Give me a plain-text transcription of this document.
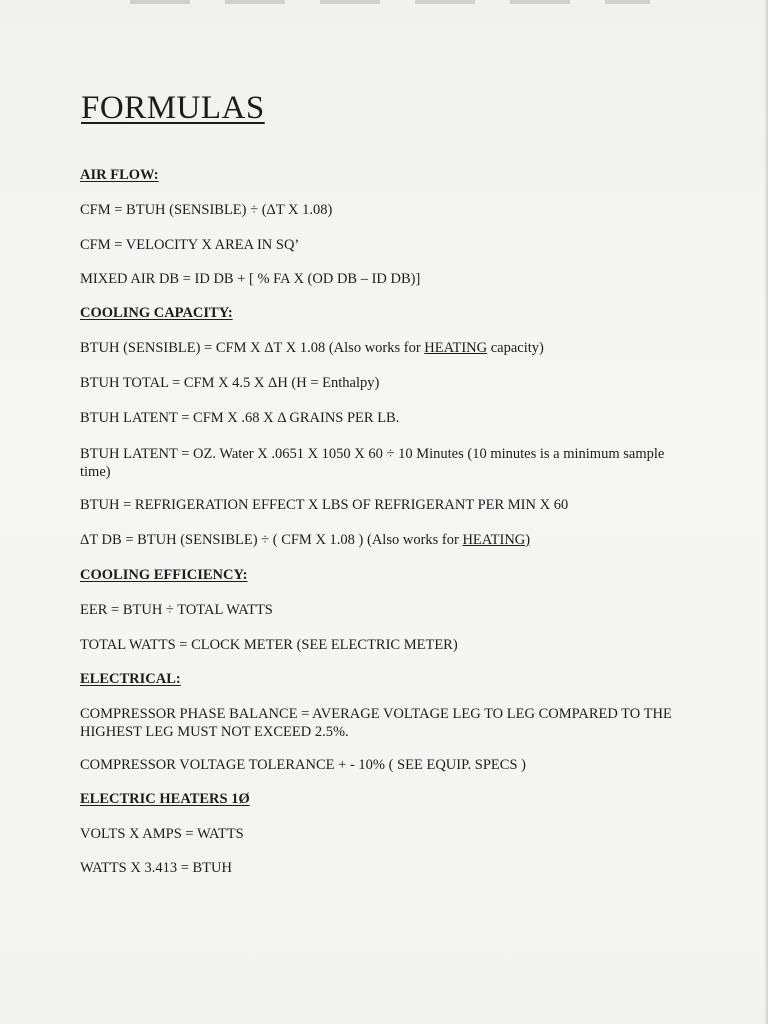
FORMULAS
AIR FLOW:
CFM = BTUH (SENSIBLE) ÷ (ΔT X 1.08)
CFM = VELOCITY X AREA IN SQ’
MIXED AIR DB = ID DB + [ % FA X (OD DB – ID DB)]
COOLING CAPACITY:
BTUH (SENSIBLE) = CFM X ΔT X 1.08 (Also works for HEATING capacity)
BTUH TOTAL = CFM X 4.5 X ΔH (H = Enthalpy)
BTUH LATENT = CFM X .68 X Δ GRAINS PER LB.
BTUH LATENT = OZ. Water X .0651 X 1050 X 60 ÷ 10 Minutes (10 minutes is a minimum sample time)
BTUH = REFRIGERATION EFFECT X LBS OF REFRIGERANT PER MIN X 60
ΔT DB = BTUH (SENSIBLE) ÷ ( CFM X 1.08 ) (Also works for HEATING)
COOLING EFFICIENCY:
EER = BTUH ÷ TOTAL WATTS
TOTAL WATTS = CLOCK METER (SEE ELECTRIC METER)
ELECTRICAL:
COMPRESSOR PHASE BALANCE = AVERAGE VOLTAGE LEG TO LEG COMPARED TO THE HIGHEST LEG MUST NOT EXCEED 2.5%.
COMPRESSOR VOLTAGE TOLERANCE + - 10% ( SEE EQUIP. SPECS )
ELECTRIC HEATERS 1Ø
VOLTS X AMPS = WATTS
WATTS X 3.413 = BTUH
